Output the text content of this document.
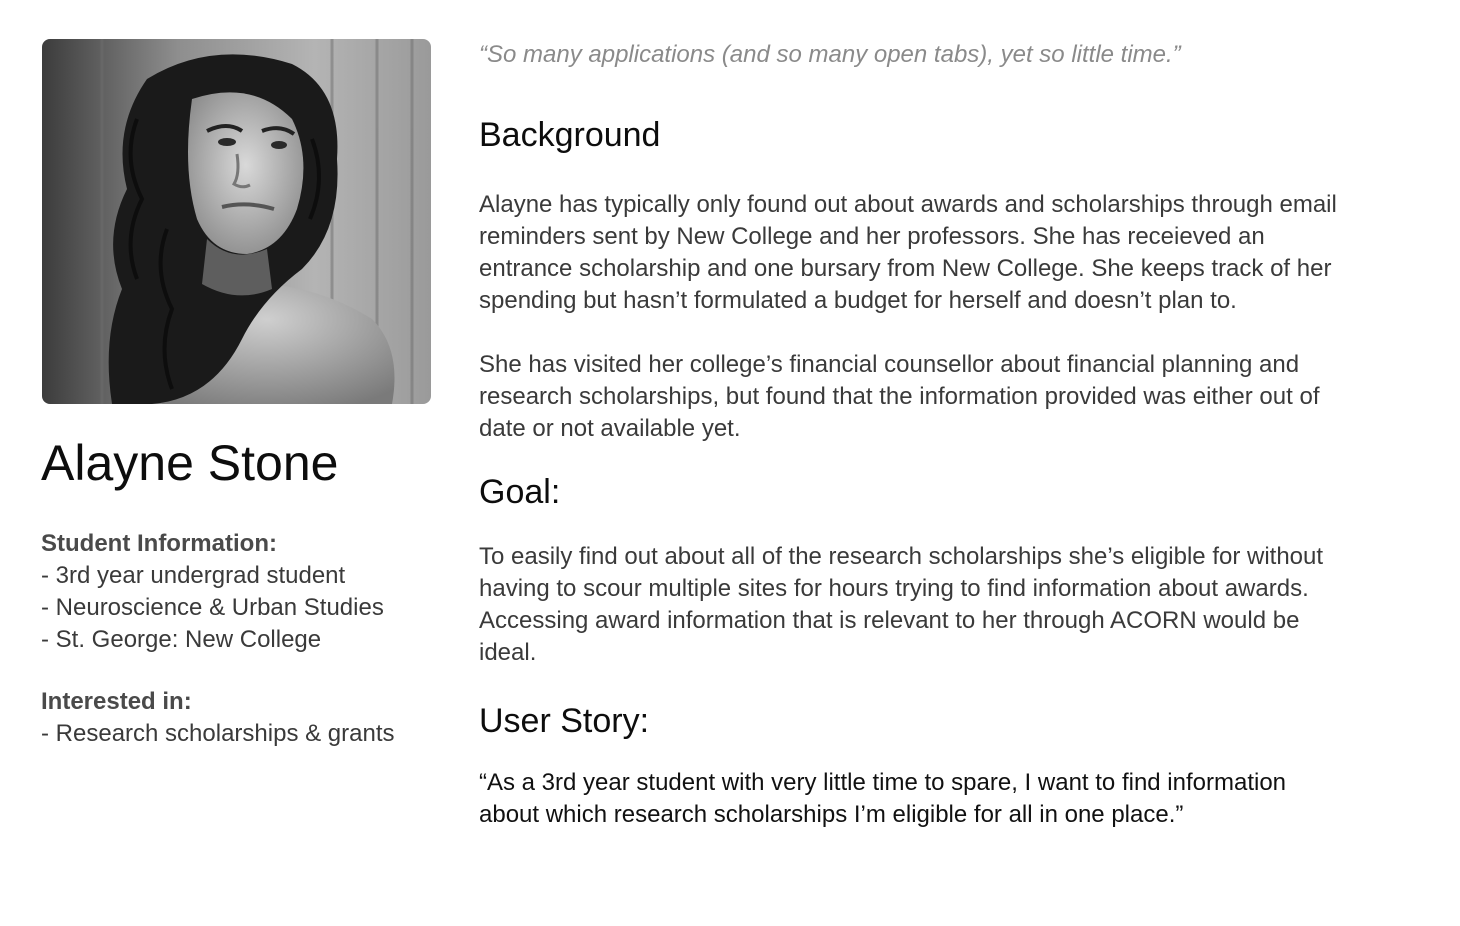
Alayne Stone
Student Information:
- 3rd year undergrad student
- Neuroscience & Urban Studies
- St. George: New College
Interested in:
- Research scholarships & grants
“So many applications (and so many open tabs), yet so little time.”
Background

Alayne has typically only found out about awards and scholarships through email
reminders sent by New College and her professors. She has receieved an
entrance scholarship and one bursary from New College. She keeps track of her
spending but hasn’t formulated a budget for herself and doesn’t plan to.

She has visited her college’s financial counsellor about financial planning and
research scholarships, but found that the information provided was either out of
date or not available yet.

Goal:

To easily find out about all of the research scholarships she’s eligible for without
having to scour multiple sites for hours trying to find information about awards.
Accessing award information that is relevant to her through ACORN would be
ideal.

User Story:

“As a 3rd year student with very little time to spare, I want to find information
about which research scholarships I’m eligible for all in one place.”
